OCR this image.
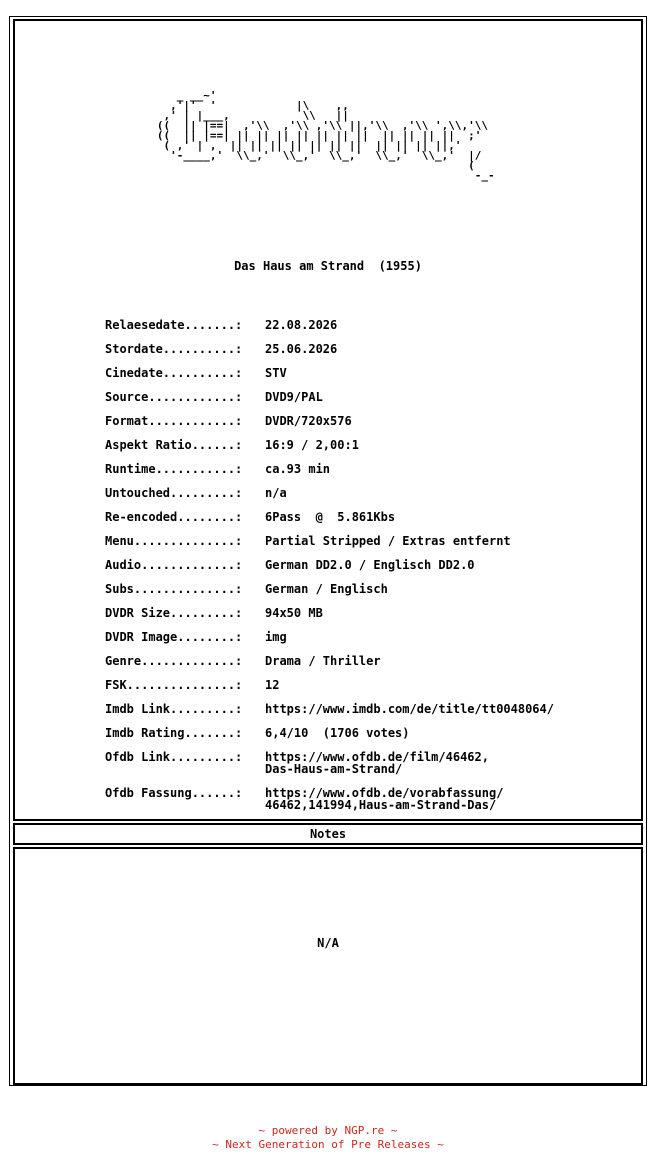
_ __~'
,'|'  '            |\    ,,
,' | |___,           \\   ||
((  || |==|  ,'\\  ,'\\ ,'\\ ||,'\\  ,'\\ ',\\,'\\
((  || |==| || || || || || || ||  || || || ||  ;'
( ,' | ,  || || || || || || ||  || || || ||,'
'-____,'  \\_,'  \\_,'  \\_,'  \\_,'  \\_,'  |/
(
-_-
Das Haus am Strand  (1955)
Relaesedate.......:	22.08.2026
Stordate..........:	25.06.2026
Cinedate..........:	STV
Source............:	DVD9/PAL
Format............:	DVDR/720x576
Aspekt Ratio......:	16:9 / 2,00:1
Runtime...........:	ca.93 min
Untouched.........:	n/a
Re-encoded........:	6Pass  @  5.861Kbs
Menu..............:	Partial Stripped / Extras entfernt
Audio.............:	German DD2.0 / Englisch DD2.0
Subs..............:	German / Englisch
DVDR Size.........:	94x50 MB
DVDR Image........:	img
Genre.............:	Drama / Thriller
FSK...............:	12
Imdb Link.........:	https://www.imdb.com/de/title/tt0048064/
Imdb Rating.......:	6,4/10  (1706 votes)
Ofdb Link.........:	https://www.ofdb.de/film/46462,
Das-Haus-am-Strand/
Ofdb Fassung......:	https://www.ofdb.de/vorabfassung/
46462,141994,Haus-am-Strand-Das/
Notes
N/A
~ powered by NGP.re ~
~ Next Generation of Pre Releases ~
